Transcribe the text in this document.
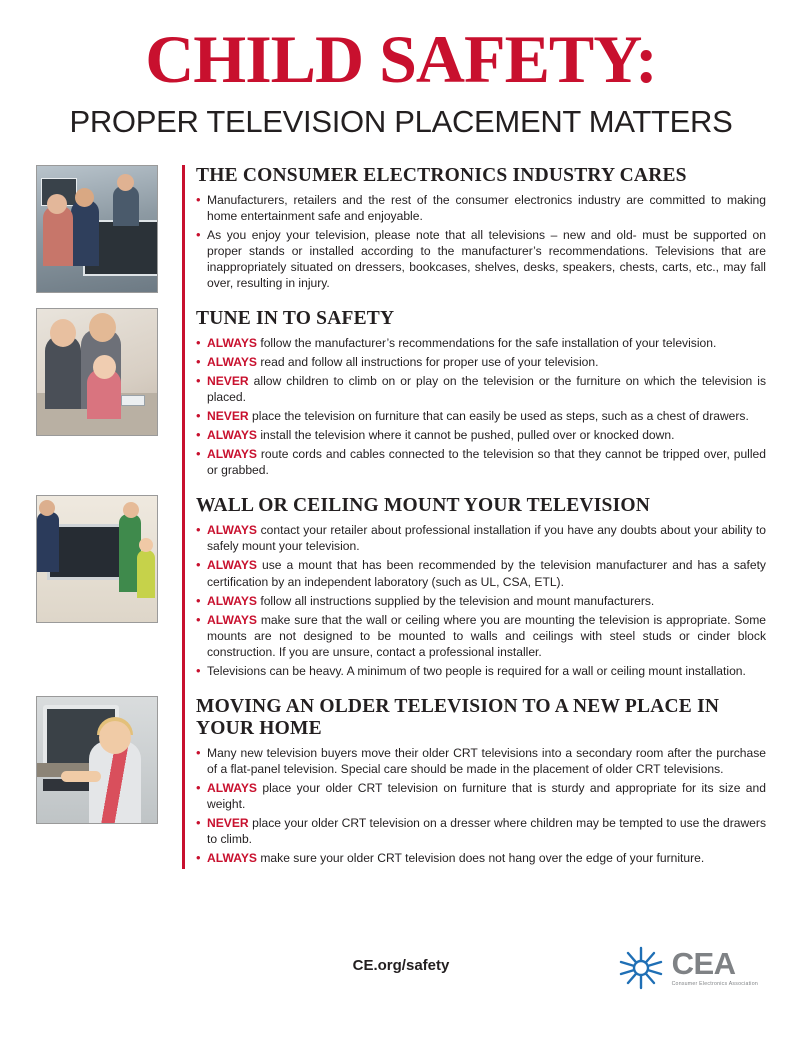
CHILD SAFETY:
PROPER TELEVISION PLACEMENT MATTERS
THE CONSUMER ELECTRONICS INDUSTRY CARES
• Manufacturers, retailers and the rest of the consumer electronics industry are committed to making home entertainment safe and enjoyable.
• As you enjoy your television, please note that all televisions – new and old- must be supported on proper stands or installed according to the manufacturer’s recommendations. Televisions that are inappropriately situated on dressers, bookcases, shelves, desks, speakers, chests, carts, etc., may fall over, resulting in injury.
TUNE IN TO SAFETY
• ALWAYS follow the manufacturer’s recommendations for the safe installation of your television.
• ALWAYS read and follow all instructions for proper use of your television.
• NEVER allow children to climb on or play on the television or the furniture on which the television is placed.
• NEVER place the television on furniture that can easily be used as steps, such as a chest of drawers.
• ALWAYS install the television where it cannot be pushed, pulled over or knocked down.
• ALWAYS route cords and cables connected to the television so that they cannot be tripped over, pulled or grabbed.
WALL OR CEILING MOUNT YOUR TELEVISION
• ALWAYS contact your retailer about professional installation if you have any doubts about your ability to safely mount your television.
• ALWAYS use a mount that has been recommended by the television manufacturer and has a safety certification by an independent laboratory (such as UL, CSA, ETL).
• ALWAYS follow all instructions supplied by the television and mount manufacturers.
• ALWAYS make sure that the wall or ceiling where you are mounting the television is appropriate. Some mounts are not designed to be mounted to walls and ceilings with steel studs or cinder block construction. If you are unsure, contact a professional installer.
• Televisions can be heavy. A minimum of two people is required for a wall or ceiling mount installation.
MOVING AN OLDER TELEVISION TO A NEW PLACE IN YOUR HOME
• Many new television buyers move their older CRT televisions into a secondary room after the purchase of a flat-panel television. Special care should be made in the placement of older CRT televisions.
• ALWAYS place your older CRT television on furniture that is sturdy and appropriate for its size and weight.
• NEVER place your older CRT television on a dresser where children may be tempted to use the drawers to climb.
• ALWAYS make sure your older CRT television does not hang over the edge of your furniture.
CE.org/safety	CEA
Consumer Electronics Association
